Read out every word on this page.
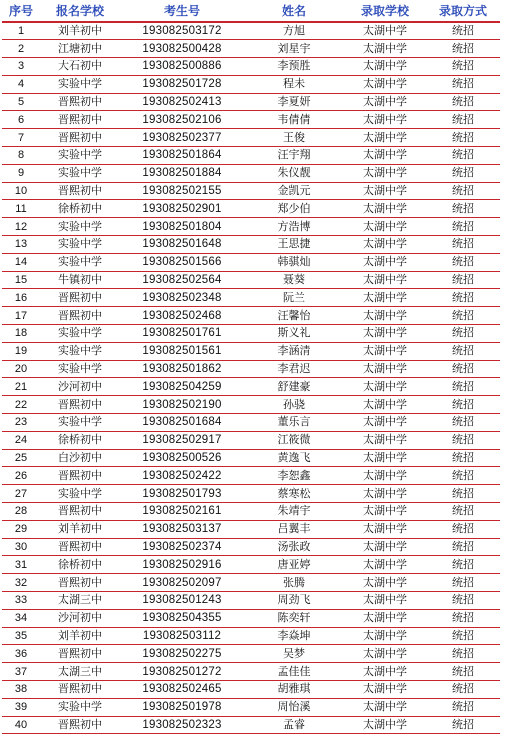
序号	报名学校	考生号	姓名	录取学校	录取方式
1	刘羊初中	193082503172	方旭	太湖中学	统招
2	江塘初中	193082500428	刘星宇	太湖中学	统招
3	大石初中	193082500886	李预胜	太湖中学	统招
4	实验中学	193082501728	程未	太湖中学	统招
5	晋熙初中	193082502413	李夏妍	太湖中学	统招
6	晋熙初中	193082502106	韦倩倩	太湖中学	统招
7	晋熙初中	193082502377	王俊	太湖中学	统招
8	实验中学	193082501864	汪宇翔	太湖中学	统招
9	实验中学	193082501884	朱仪靓	太湖中学	统招
10	晋熙初中	193082502155	金凯元	太湖中学	统招
11	徐桥初中	193082502901	郑少伯	太湖中学	统招
12	实验中学	193082501804	方浩博	太湖中学	统招
13	实验中学	193082501648	王思捷	太湖中学	统招
14	实验中学	193082501566	韩骐灿	太湖中学	统招
15	牛镇初中	193082502564	聂葵	太湖中学	统招
16	晋熙初中	193082502348	阮兰	太湖中学	统招
17	晋熙初中	193082502468	汪馨怡	太湖中学	统招
18	实验中学	193082501761	斯义礼	太湖中学	统招
19	实验中学	193082501561	李涵清	太湖中学	统招
20	实验中学	193082501862	李君迟	太湖中学	统招
21	沙河初中	193082504259	舒建豪	太湖中学	统招
22	晋熙初中	193082502190	孙骁	太湖中学	统招
23	实验中学	193082501684	董乐言	太湖中学	统招
24	徐桥初中	193082502917	江筱微	太湖中学	统招
25	白沙初中	193082500526	黄逸飞	太湖中学	统招
26	晋熙初中	193082502422	李恕鑫	太湖中学	统招
27	实验中学	193082501793	蔡寒松	太湖中学	统招
28	晋熙初中	193082502161	朱靖宇	太湖中学	统招
29	刘羊初中	193082503137	吕翼丰	太湖中学	统招
30	晋熙初中	193082502374	汤张政	太湖中学	统招
31	徐桥初中	193082502916	唐亚婷	太湖中学	统招
32	晋熙初中	193082502097	张腾	太湖中学	统招
33	太湖三中	193082501243	周劲飞	太湖中学	统招
34	沙河初中	193082504355	陈奕轩	太湖中学	统招
35	刘羊初中	193082503112	李焱坤	太湖中学	统招
36	晋熙初中	193082502275	吴梦	太湖中学	统招
37	太湖三中	193082501272	孟佳佳	太湖中学	统招
38	晋熙初中	193082502465	胡雅琪	太湖中学	统招
39	实验中学	193082501978	周怡溪	太湖中学	统招
40	晋熙初中	193082502323	孟睿	太湖中学	统招
